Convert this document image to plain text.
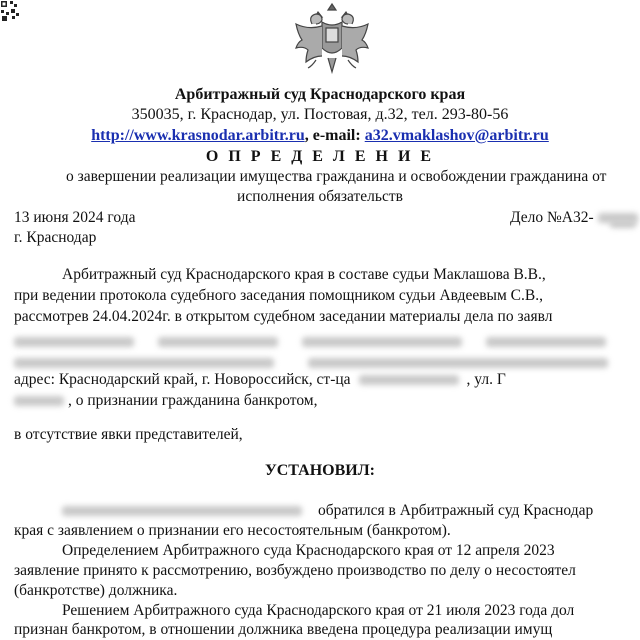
Арбитражный суд Краснодарского края
350035, г. Краснодар, ул. Постовая, д.32, тел. 293-80-56
http://www.krasnodar.arbitr.ru, e-mail: a32.vmaklashov@arbitr.ru
О П Р Е Д Е Л Е Н И Е
о завершении реализации имущества гражданина и освобождении гражданина от
исполнения обязательств
13 июня 2024 года	Дело №А32-
г. Краснодар
Арбитражный суд Краснодарского края в составе судьи Маклашова В.В.,
при ведении протокола судебного заседания помощником судьи Авдеевым С.В.,
рассмотрев 24.04.2024г. в открытом судебном заседании материалы дела по заявл

адрес: Краснодарский край, г. Новороссийск, ст-ца	, ул. Г
, о признании гражданина банкротом,
в отсутствие явки представителей,
УСТАНОВИЛ:
обратился в Арбитражный суд Краснодар
края с заявлением о признании его несостоятельным (банкротом).
Определением Арбитражного суда Краснодарского края от 12 апреля 2023
заявление принято к рассмотрению, возбуждено производство по делу о несостоятел
(банкротстве) должника.
Решением Арбитражного суда Краснодарского края от 21 июля 2023 года дол
признан банкротом, в отношении должника введена процедура реализации имущ
